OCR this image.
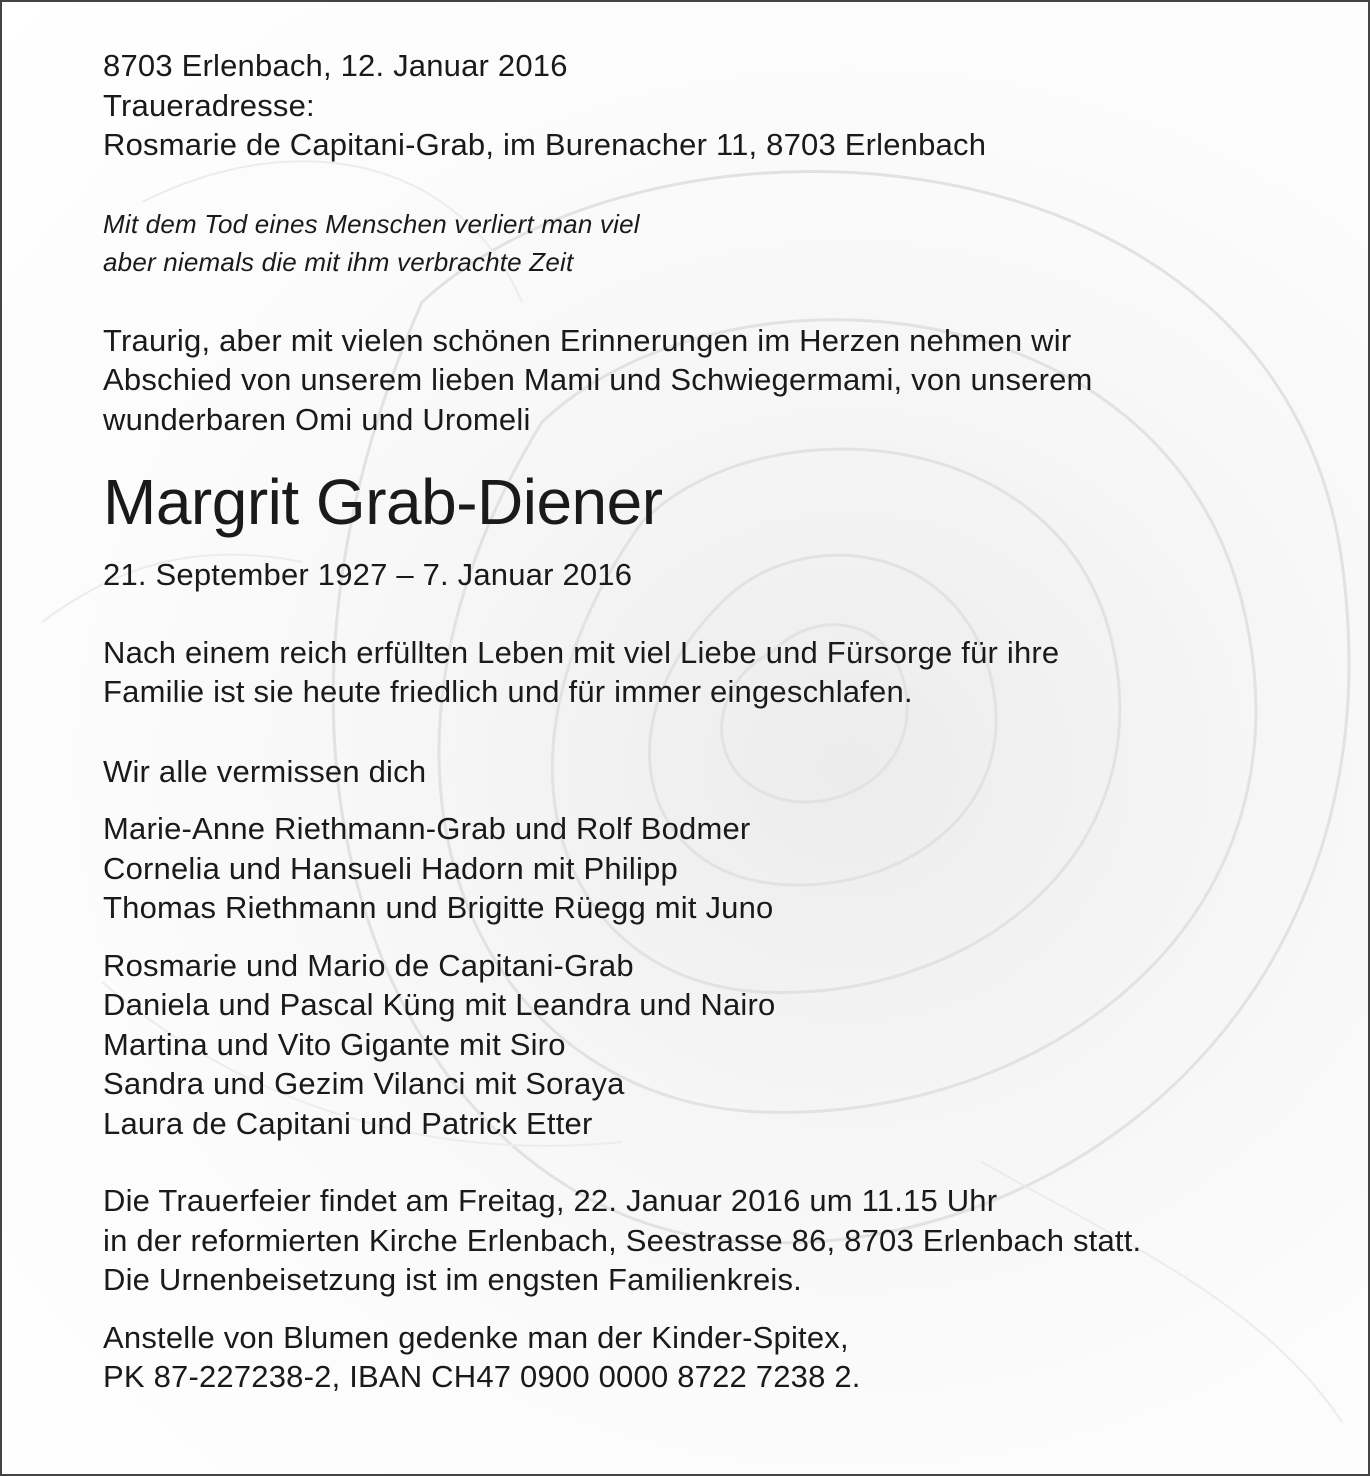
8703 Erlenbach, 12. Januar 2016

Traueradresse:
Rosmarie de Capitani-Grab, im Burenacher 11, 8703 Erlenbach

Mit dem Tod eines Menschen verliert man viel
aber niemals die mit ihm verbrachte Zeit

Traurig, aber mit vielen schönen Erinnerungen im Herzen nehmen wir
Abschied von unserem lieben Mami und Schwiegermami, von unserem
wunderbaren Omi und Uromeli

Margrit Grab-Diener

21. September 1927 – 7. Januar 2016

Nach einem reich erfüllten Leben mit viel Liebe und Fürsorge für ihre
Familie ist sie heute friedlich und für immer eingeschlafen.

Wir alle vermissen dich

Marie-Anne Riethmann-Grab und Rolf Bodmer
Cornelia und Hansueli Hadorn mit Philipp
Thomas Riethmann und Brigitte Rüegg mit Juno
Rosmarie und Mario de Capitani-Grab
Daniela und Pascal Küng mit Leandra und Nairo
Martina und Vito Gigante mit Siro
Sandra und Gezim Vilanci mit Soraya
Laura de Capitani und Patrick Etter

Die Trauerfeier findet am Freitag, 22. Januar 2016 um 11.15 Uhr
in der reformierten Kirche Erlenbach, Seestrasse 86, 8703 Erlenbach statt.
Die Urnenbeisetzung ist im engsten Familienkreis.

Anstelle von Blumen gedenke man der Kinder-Spitex,
PK 87-227238-2, IBAN CH47 0900 0000 8722 7238 2.
